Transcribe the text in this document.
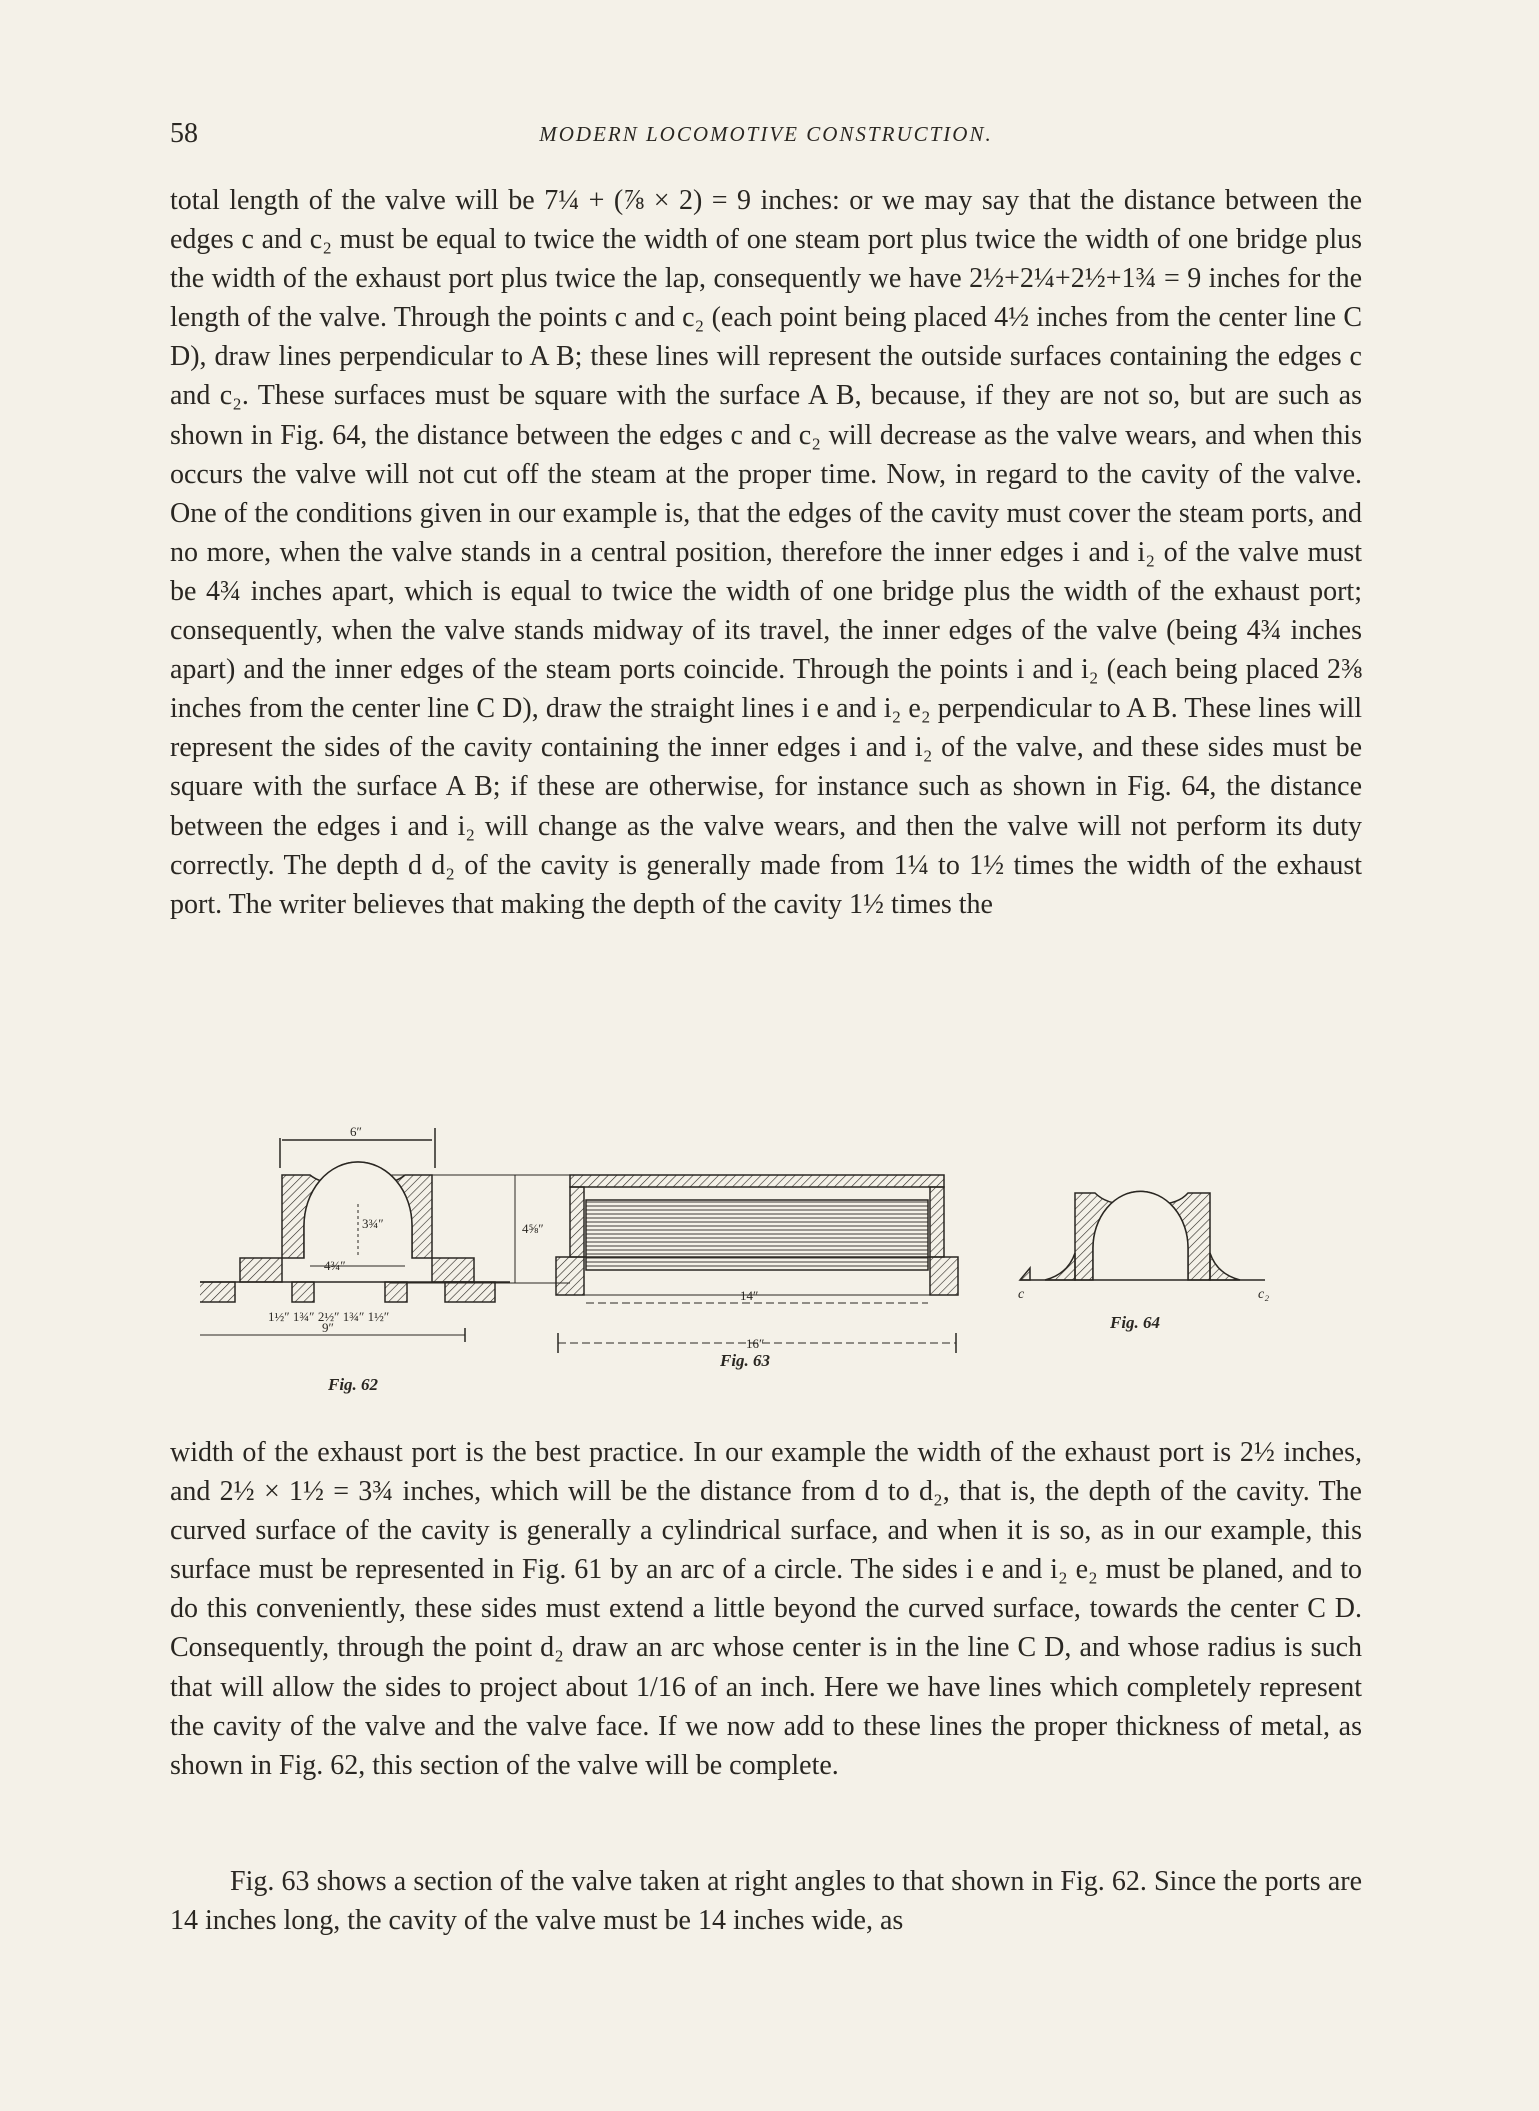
58	MODERN LOCOMOTIVE CONSTRUCTION.

total length of the valve will be 7¼ + (⅞ × 2) = 9 inches: or we may say that the distance between the edges c and c₂ must be equal to twice the width of one steam port plus twice the width of one bridge plus the width of the exhaust port plus twice the lap, consequently we have 2½+2¼+2½+1¾ = 9 inches for the length of the valve. Through the points c and c₂ (each point being placed 4½ inches from the center line C D), draw lines perpendicular to A B; these lines will represent the outside surfaces containing the edges c and c₂. These surfaces must be square with the surface A B, because, if they are not so, but are such as shown in Fig. 64, the distance between the edges c and c₂ will decrease as the valve wears, and when this occurs the valve will not cut off the steam at the proper time. Now, in regard to the cavity of the valve. One of the conditions given in our example is, that the edges of the cavity must cover the steam ports, and no more, when the valve stands in a central position, therefore the inner edges i and i₂ of the valve must be 4¾ inches apart, which is equal to twice the width of one bridge plus the width of the exhaust port; consequently, when the valve stands midway of its travel, the inner edges of the valve (being 4¾ inches apart) and the inner edges of the steam ports coincide. Through the points i and i₂ (each being placed 2⅜ inches from the center line C D), draw the straight lines i e and i₂ e₂ perpendicular to A B. These lines will represent the sides of the cavity containing the inner edges i and i₂ of the valve, and these sides must be square with the surface A B; if these are otherwise, for instance such as shown in Fig. 64, the distance between the edges i and i₂ will change as the valve wears, and then the valve will not perform its duty correctly. The depth d d₂ of the cavity is generally made from 1¼ to 1½ times the width of the exhaust port. The writer believes that making the depth of the cavity 1½ times the

6″
4¾″
3¾″
1½″ 1¾″ 2½″ 1¾″ 1½″
9″
Fig. 62
4⅝″
14″
16″
Fig. 63
c	c₂
Fig. 64

width of the exhaust port is the best practice. In our example the width of the exhaust port is 2½ inches, and 2½ × 1½ = 3¾ inches, which will be the distance from d to d₂, that is, the depth of the cavity. The curved surface of the cavity is generally a cylindrical surface, and when it is so, as in our example, this surface must be represented in Fig. 61 by an arc of a circle. The sides i e and i₂ e₂ must be planed, and to do this conveniently, these sides must extend a little beyond the curved surface, towards the center C D. Consequently, through the point d₂ draw an arc whose center is in the line C D, and whose radius is such that will allow the sides to project about 1/16 of an inch. Here we have lines which completely represent the cavity of the valve and the valve face. If we now add to these lines the proper thickness of metal, as shown in Fig. 62, this section of the valve will be complete.

Fig. 63 shows a section of the valve taken at right angles to that shown in Fig. 62. Since the ports are 14 inches long, the cavity of the valve must be 14 inches wide, as
